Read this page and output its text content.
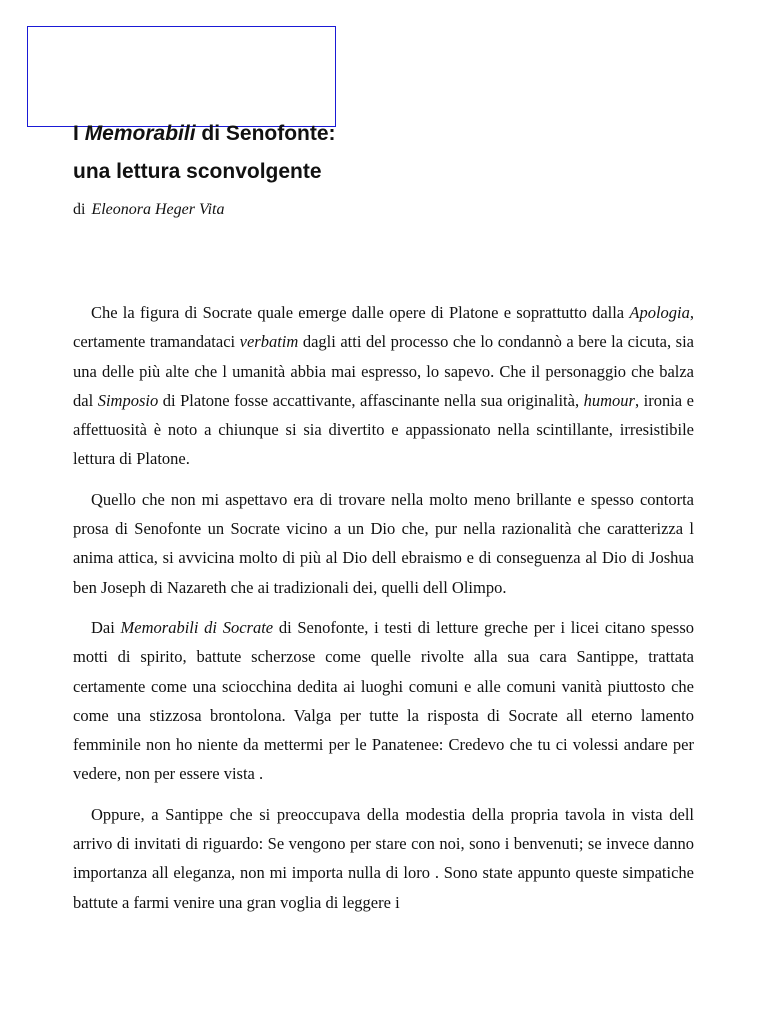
I Memorabili di Senofonte:
una lettura sconvolgente
di Eleonora Heger Vita

Che la figura di Socrate quale emerge dalle opere di Platone e soprattutto dalla Apologia, certamente tramandataci verbatim dagli atti del processo che lo condannò a bere la cicuta, sia una delle più alte che l umanità abbia mai espresso, lo sapevo. Che il personaggio che balza dal Simposio di Platone fosse accattivante, affascinante nella sua originalità, humour, ironia e affettuosità è noto a chiunque si sia divertito e appassionato nella scintillante, irresistibile lettura di Platone.

Quello che non mi aspettavo era di trovare nella molto meno brillante e spesso contorta prosa di Senofonte un Socrate vicino a un Dio che, pur nella razionalità che caratterizza l anima attica, si avvicina molto di più al Dio dell ebraismo e di conseguenza al Dio di Joshua ben Joseph di Nazareth che ai tradizionali dei, quelli dell Olimpo.

Dai Memorabili di Socrate di Senofonte, i testi di letture greche per i licei citano spesso motti di spirito, battute scherzose come quelle rivolte alla sua cara Santippe, trattata certamente come una sciocchina dedita ai luoghi comuni e alle comuni vanità piuttosto che come una stizzosa brontolona. Valga per tutte la risposta di Socrate all eterno lamento femminile non ho niente da mettermi per le Panatenee: Credevo che tu ci volessi andare per vedere, non per essere vista .

Oppure, a Santippe che si preoccupava della modestia della propria tavola in vista dell arrivo di invitati di riguardo: Se vengono per stare con noi, sono i benvenuti; se invece danno importanza all eleganza, non mi importa nulla di loro . Sono state appunto queste simpatiche battute a farmi venire una gran voglia di leggere i
